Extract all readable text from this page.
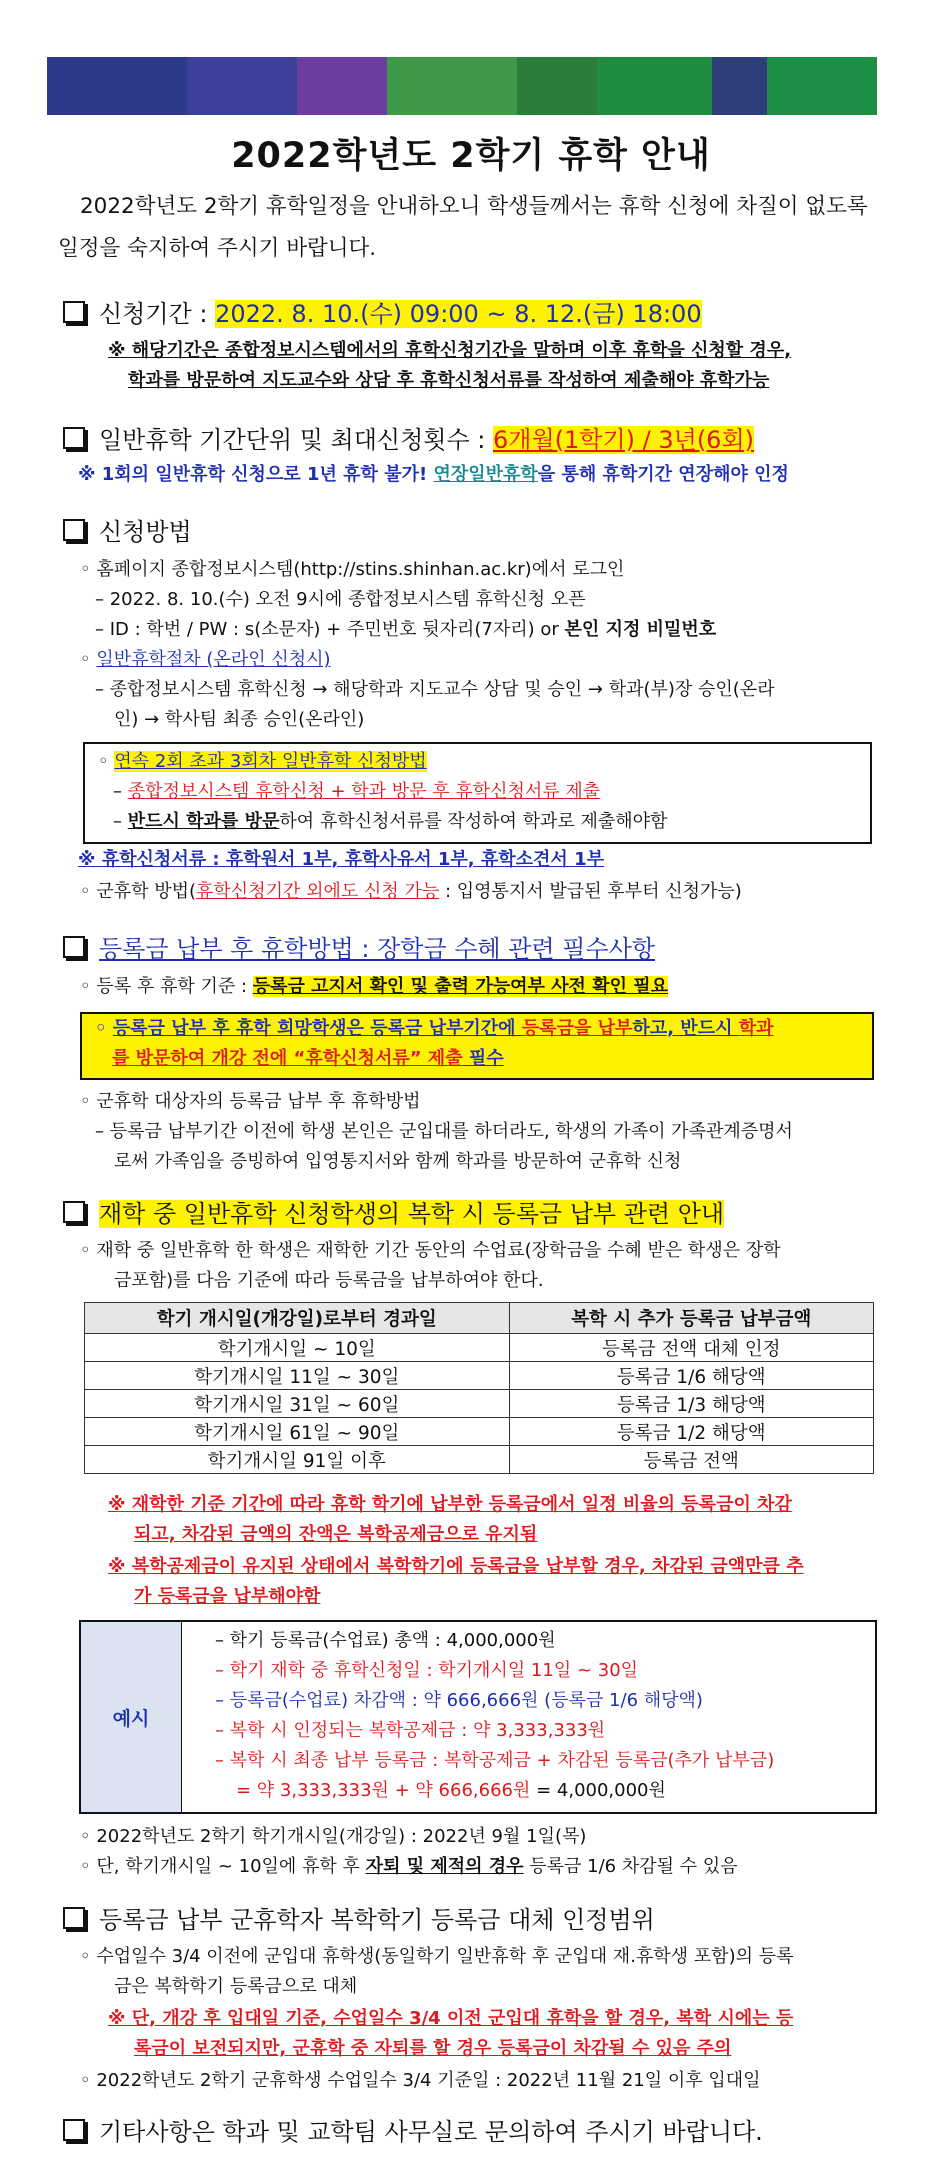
2022학년도 2학기 휴학 안내
2022학년도 2학기 휴학일정을 안내하오니 학생들께서는 휴학 신청에 차질이 없도록 일정을 숙지하여 주시기 바랍니다.
신청기간 : 2022. 8. 10.(수) 09:00 ~ 8. 12.(금) 18:00
※ 해당기간은 종합정보시스템에서의 휴학신청기간을 말하며 이후 휴학을 신청할 경우,
학과를 방문하여 지도교수와 상담 후 휴학신청서류를 작성하여 제출해야 휴학가능
일반휴학 기간단위 및 최대신청횟수 : 6개월(1학기) / 3년(6회)
※ 1회의 일반휴학 신청으로 1년 휴학 불가! 연장일반휴학을 통해 휴학기간 연장해야 인정
신청방법
◦ 홈페이지 종합정보시스템(http://stins.shinhan.ac.kr)에서 로그인
– 2022. 8. 10.(수) 오전 9시에 종합정보시스템 휴학신청 오픈
– ID : 학번 / PW : s(소문자) + 주민번호 뒷자리(7자리) or 본인 지정 비밀번호
◦ 일반휴학절차 (온라인 신청시)
– 종합정보시스템 휴학신청 → 해당학과 지도교수 상담 및 승인 → 학과(부)장 승인(온라
인) → 학사팀 최종 승인(온라인)
◦ 연속 2회 초과 3회차 일반휴학 신청방법
– 종합정보시스템 휴학신청 + 학과 방문 후 휴학신청서류 제출
– 반드시 학과를 방문하여 휴학신청서류를 작성하여 학과로 제출해야함
※ 휴학신청서류 : 휴학원서 1부, 휴학사유서 1부, 휴학소견서 1부
◦ 군휴학 방법(휴학신청기간 외에도 신청 가능 : 입영통지서 발급된 후부터 신청가능)
등록금 납부 후 휴학방법 : 장학금 수혜 관련 필수사항
◦ 등록 후 휴학 기준 : 등록금 고지서 확인 및 출력 가능여부 사전 확인 필요
◦ 등록금 납부 후 휴학 희망학생은 등록금 납부기간에 등록금을 납부하고, 반드시 학과
를 방문하여 개강 전에 “휴학신청서류” 제출 필수
◦ 군휴학 대상자의 등록금 납부 후 휴학방법
– 등록금 납부기간 이전에 학생 본인은 군입대를 하더라도, 학생의 가족이 가족관계증명서
로써 가족임을 증빙하여 입영통지서와 함께 학과를 방문하여 군휴학 신청
재학 중 일반휴학 신청학생의 복학 시 등록금 납부 관련 안내
◦ 재학 중 일반휴학 한 학생은 재학한 기간 동안의 수업료(장학금을 수혜 받은 학생은 장학
금포함)를 다음 기준에 따라 등록금을 납부하여야 한다.
학기 개시일(개강일)로부터 경과일	복학 시 추가 등록금 납부금액
학기개시일 ~ 10일	등록금 전액 대체 인정
학기개시일 11일 ~ 30일	등록금 1/6 해당액
학기개시일 31일 ~ 60일	등록금 1/3 해당액
학기개시일 61일 ~ 90일	등록금 1/2 해당액
학기개시일 91일 이후	등록금 전액
※ 재학한 기준 기간에 따라 휴학 학기에 납부한 등록금에서 일정 비율의 등록금이 차감
되고, 차감된 금액의 잔액은 복학공제금으로 유지됨
※ 복학공제금이 유지된 상태에서 복학학기에 등록금을 납부할 경우, 차감된 금액만큼 추
가 등록금을 납부해야함
예시
– 학기 등록금(수업료) 총액 : 4,000,000원
– 학기 재학 중 휴학신청일 : 학기개시일 11일 ~ 30일
– 등록금(수업료) 차감액 : 약 666,666원 (등록금 1/6 해당액)
– 복학 시 인정되는 복학공제금 : 약 3,333,333원
– 복학 시 최종 납부 등록금 : 복학공제금 + 차감된 등록금(추가 납부금)
= 약 3,333,333원 + 약 666,666원 = 4,000,000원
◦ 2022학년도 2학기 학기개시일(개강일) : 2022년 9월 1일(목)
◦ 단, 학기개시일 ~ 10일에 휴학 후 자퇴 및 제적의 경우 등록금 1/6 차감될 수 있음
등록금 납부 군휴학자 복학학기 등록금 대체 인정범위
◦ 수업일수 3/4 이전에 군입대 휴학생(동일학기 일반휴학 후 군입대 재.휴학생 포함)의 등록
금은 복학학기 등록금으로 대체
※ 단, 개강 후 입대일 기준, 수업일수 3/4 이전 군입대 휴학을 할 경우, 복학 시에는 등
록금이 보전되지만, 군휴학 중 자퇴를 할 경우 등록금이 차감될 수 있음 주의
◦ 2022학년도 2학기 군휴학생 수업일수 3/4 기준일 : 2022년 11월 21일 이후 입대일
기타사항은 학과 및 교학팀 사무실로 문의하여 주시기 바랍니다.
